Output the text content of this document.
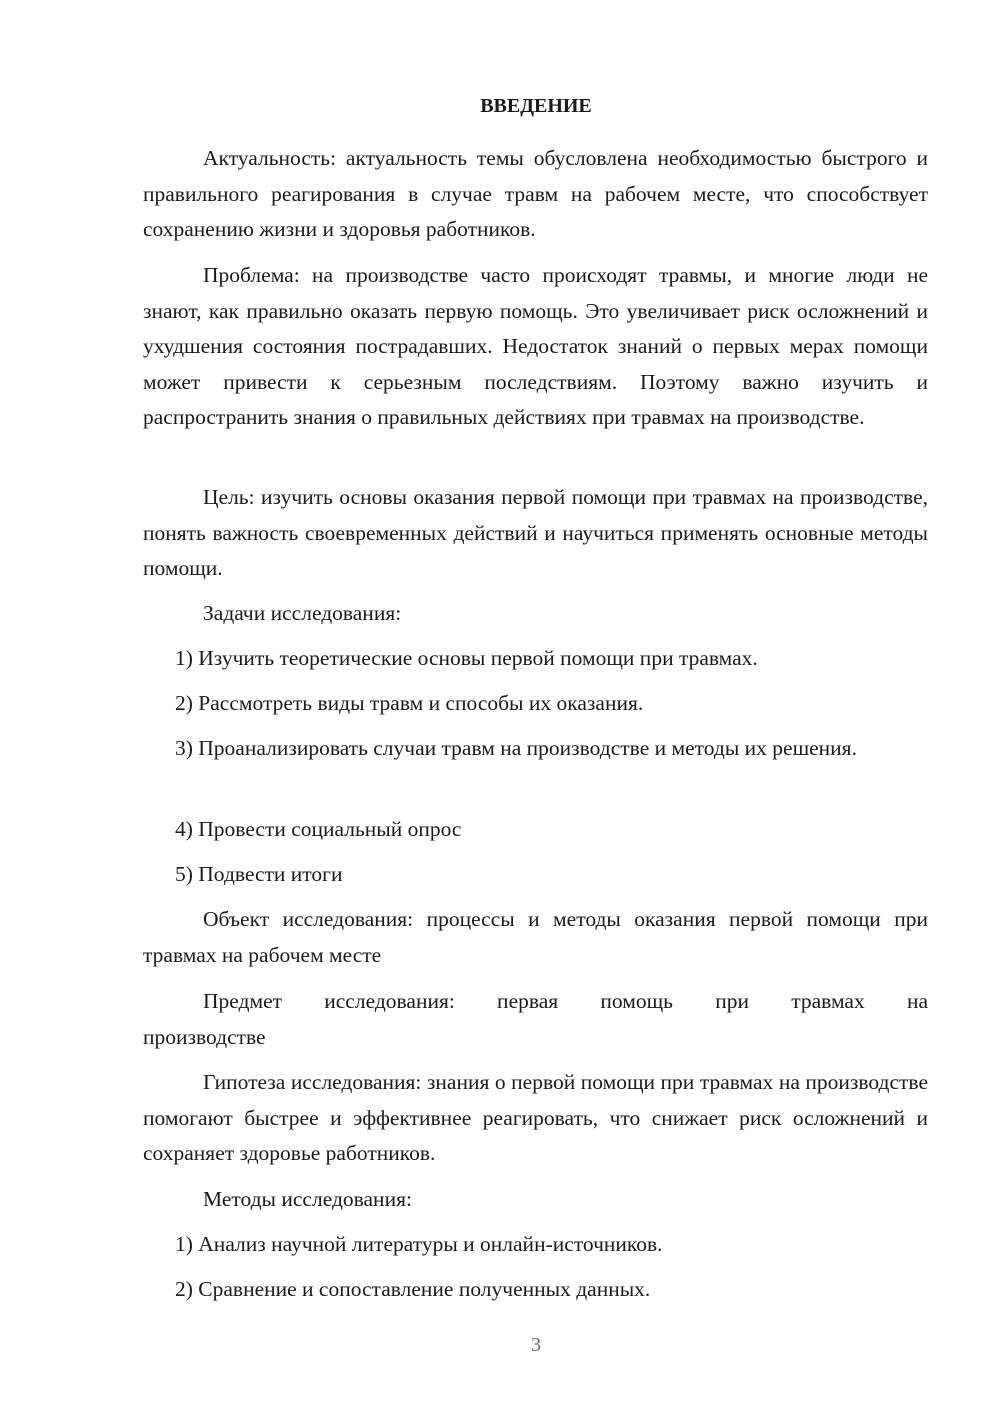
ВВЕДЕНИЕ

Актуальность: актуальность темы обусловлена необходимостью быстрого и правильного реагирования в случае травм на рабочем месте, что способствует сохранению жизни и здоровья работников.

Проблема: на производстве часто происходят травмы, и многие люди не знают, как правильно оказать первую помощь. Это увеличивает риск осложнений и ухудшения состояния пострадавших. Недостаток знаний о первых мерах помощи может привести к серьезным последствиям. Поэтому важно изучить и распространить знания о правильных действиях при травмах на производстве.

Цель: изучить основы оказания первой помощи при травмах на производстве, понять важность своевременных действий и научиться применять основные методы помощи.

Задачи исследования:

1) Изучить теоретические основы первой помощи при травмах.

2) Рассмотреть виды травм и способы их оказания.

3) Проанализировать случаи травм на производстве и методы их решения.

4) Провести социальный опрос

5) Подвести итоги

Объект исследования: процессы и методы оказания первой помощи при травмах на рабочем месте

Предмет исследования: первая помощь при травмах на производстве

Гипотеза исследования: знания о первой помощи при травмах на производстве помогают быстрее и эффективнее реагировать, что снижает риск осложнений и сохраняет здоровье работников.

Методы исследования:

1) Анализ научной литературы и онлайн-источников.

2) Сравнение и сопоставление полученных данных.

3
